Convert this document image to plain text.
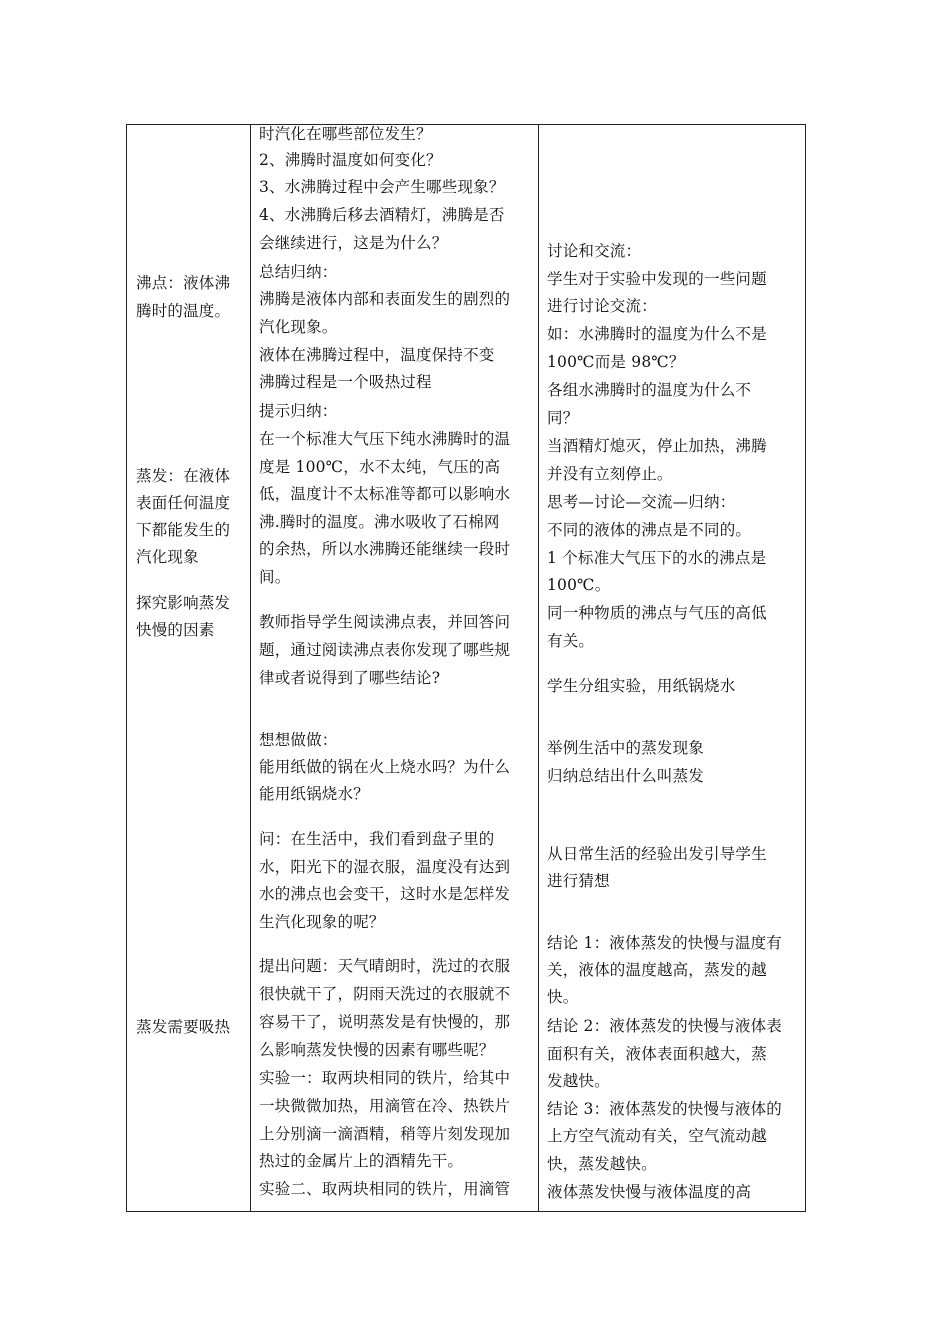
沸点：液体沸
腾时的温度。
蒸发：在液体
表面任何温度
下都能发生的
汽化现象
探究影响蒸发
快慢的因素
蒸发需要吸热
时汽化在哪些部位发生？
2、沸腾时温度如何变化？
3、水沸腾过程中会产生哪些现象？
4、水沸腾后移去酒精灯，沸腾是否
会继续进行，这是为什么？
总结归纳：
沸腾是液体内部和表面发生的剧烈的
汽化现象。
液体在沸腾过程中，温度保持不变
沸腾过程是一个吸热过程
提示归纳：
在一个标准大气压下纯水沸腾时的温
度是 100℃，水不太纯，气压的高
低，温度计不太标准等都可以影响水
沸.腾时的温度。沸水吸收了石棉网
的余热，所以水沸腾还能继续一段时
间。
教师指导学生阅读沸点表，并回答问
题，通过阅读沸点表你发现了哪些规
律或者说得到了哪些结论?
想想做做：
能用纸做的锅在火上烧水吗？为什么
能用纸锅烧水？
问：在生活中，我们看到盘子里的
水，阳光下的湿衣服，温度没有达到
水的沸点也会变干，这时水是怎样发
生汽化现象的呢？
提出问题：天气晴朗时，洗过的衣服
很快就干了，阴雨天洗过的衣服就不
容易干了，说明蒸发是有快慢的，那
么影响蒸发快慢的因素有哪些呢？
实验一：取两块相同的铁片，给其中
一块微微加热，用滴管在冷、热铁片
上分别滴一滴酒精，稍等片刻发现加
热过的金属片上的酒精先干。
实验二、取两块相同的铁片，用滴管
讨论和交流：
学生对于实验中发现的一些问题
进行讨论交流：
如：水沸腾时的温度为什么不是
100℃而是 98℃？
各组水沸腾时的温度为什么不
同？
当酒精灯熄灭，停止加热，沸腾
并没有立刻停止。
思考—讨论—交流—归纳：
不同的液体的沸点是不同的。
1 个标准大气压下的水的沸点是
100℃。
同一种物质的沸点与气压的高低
有关。
学生分组实验，用纸锅烧水
举例生活中的蒸发现象
归纳总结出什么叫蒸发
从日常生活的经验出发引导学生
进行猜想
结论 1：液体蒸发的快慢与温度有
关，液体的温度越高，蒸发的越
快。
结论 2：液体蒸发的快慢与液体表
面积有关，液体表面积越大，蒸
发越快。
结论 3：液体蒸发的快慢与液体的
上方空气流动有关，空气流动越
快，蒸发越快。
液体蒸发快慢与液体温度的高
